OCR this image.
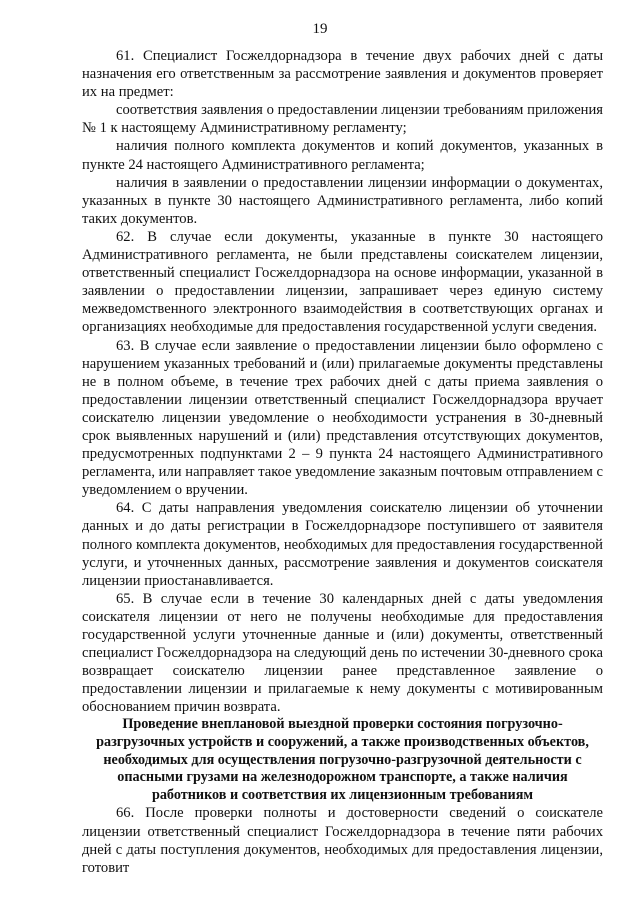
19

61. Специалист Госжелдорнадзора в течение двух рабочих дней с даты назначения его ответственным за рассмотрение заявления и документов проверяет их на предмет:

соответствия заявления о предоставлении лицензии требованиям приложения № 1 к настоящему Административному регламенту;

наличия полного комплекта документов и копий документов, указанных в пункте 24 настоящего Административного регламента;

наличия в заявлении о предоставлении лицензии информации о документах, указанных в пункте 30 настоящего Административного регламента, либо копий таких документов.

62. В случае если документы, указанные в пункте 30 настоящего Административного регламента, не были представлены соискателем лицензии, ответственный специалист Госжелдорнадзора на основе информации, указанной в заявлении о предоставлении лицензии, запрашивает через единую систему межведомственного электронного взаимодействия в соответствующих органах и организациях необходимые для предоставления государственной услуги сведения.

63. В случае если заявление о предоставлении лицензии было оформлено с нарушением указанных требований и (или) прилагаемые документы представлены не в полном объеме, в течение трех рабочих дней с даты приема заявления о предоставлении лицензии ответственный специалист Госжелдорнадзора вручает соискателю лицензии уведомление о необходимости устранения в 30-дневный срок выявленных нарушений и (или) представления отсутствующих документов, предусмотренных подпунктами 2 – 9 пункта 24 настоящего Административного регламента, или направляет такое уведомление заказным почтовым отправлением с уведомлением о вручении.

64. С даты направления уведомления соискателю лицензии об уточнении данных и до даты регистрации в Госжелдорнадзоре поступившего от заявителя полного комплекта документов, необходимых для предоставления государственной услуги, и уточненных данных, рассмотрение заявления и документов соискателя лицензии приостанавливается.

65. В случае если в течение 30 календарных дней с даты уведомления соискателя лицензии от него не получены необходимые для предоставления государственной услуги уточненные данные и (или) документы, ответственный специалист Госжелдорнадзора на следующий день по истечении 30-дневного срока возвращает соискателю лицензии ранее представленное заявление о предоставлении лицензии и прилагаемые к нему документы с мотивированным обоснованием причин возврата.

Проведение внеплановой выездной проверки состояния погрузочно-разгрузочных устройств и сооружений, а также производственных объектов, необходимых для осуществления погрузочно-разгрузочной деятельности с опасными грузами на железнодорожном транспорте, а также наличия работников и соответствия их лицензионным требованиям

66. После проверки полноты и достоверности сведений о соискателе лицензии ответственный специалист Госжелдорнадзора в течение пяти рабочих дней с даты поступления документов, необходимых для предоставления лицензии, готовит
